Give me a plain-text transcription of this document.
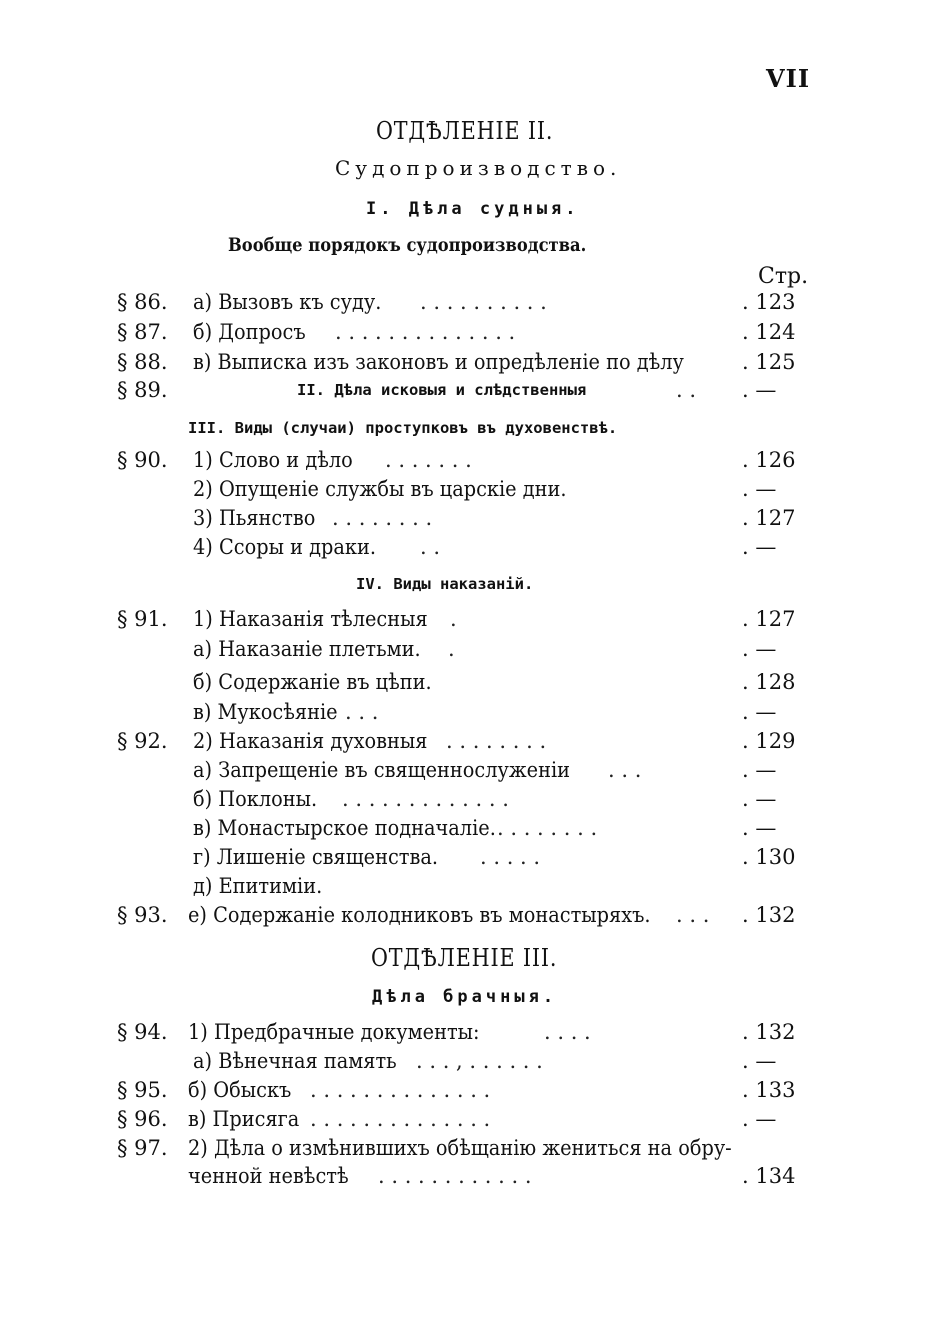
VII
ОТДѢЛЕНІЕ II.
Судопроизводство.
I. Дѣла судныя.
Вообще порядокъ судопроизводства.
Стр.
§ 86. а) Вызовъ къ суду. . . . . . . . . . .	. 123
§ 87. б) Допросъ . . . . . . . . . . . . . .	. 124
§ 88. в) Выписка изъ законовъ и опредѣленіе по дѣлу	. 125
§ 89.	II. Дѣла исковыя и слѣдственныя	. . . —
III. Виды (случаи) проступковъ въ духовенствѣ.
§ 90. 1) Слово и дѣло . . . . . . .	. 126
2) Опущеніе службы въ царскіе дни.	. —
3) Пьянство . . . . . . . .	. 127
4) Ссоры и драки. . .	. —
IV. Виды наказаній.
§ 91. 1) Наказанія тѣлесныя .	. 127
а) Наказаніе плетьми. .	. —
б) Содержаніе въ цѣпи.	. 128
в) Мукосѣяніе . . .	. —
§ 92. 2) Наказанія духовныя . . . . . . . .	. 129
а) Запрещеніе въ священнослуженіи . . .	. —
б) Поклоны. . . . . . . . . . . . . .	. —
в) Монастырское подначаліе. . . . . . . . .	. —
г) Лишеніе священства. . . . . .	. 130
д) Епитиміи.
§ 93. е) Содержаніе колодниковъ въ монастыряхъ. . . . . 132
ОТДѢЛЕНІЕ III.
Дѣла брачныя.
§ 94. 1) Предбрачные документы:	. . . .	. 132
а) Вѣнечная память . . . , . . . . . .	. —
§ 95. б) Обыскъ . . . . . . . . . . . . . .	. 133
§ 96. в) Присяга . . . . . . . . . . . . . .	. —
§ 97. 2) Дѣла о измѣнившихъ обѣщанію жениться на обру-
ченной невѣстѣ . . . . . . . . . . . .	. 134
